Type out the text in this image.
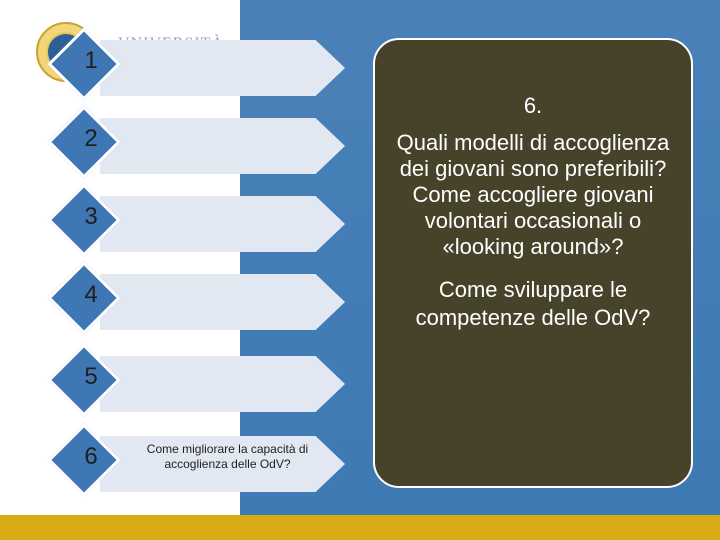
1
2
3
4
5
6	Come migliorare la capacità di accoglienza delle OdV?
6.
Quali modelli di accoglienza dei giovani sono preferibili? Come accogliere giovani volontari occasionali o «looking around»?
Come sviluppare le competenze delle OdV?
